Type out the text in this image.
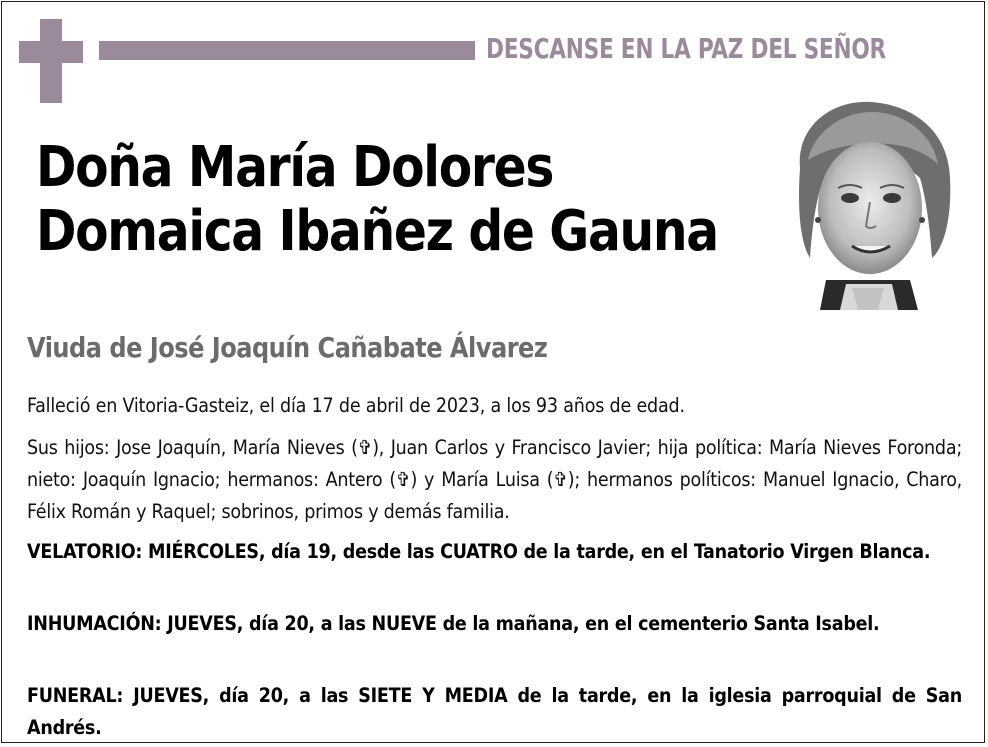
DESCANSE EN LA PAZ DEL SEÑOR
Doña María Dolores
Domaica Ibañez de Gauna
Viuda de José Joaquín Cañabate Álvarez
Falleció en Vitoria-Gasteiz, el día 17 de abril de 2023, a los 93 años de edad.
Sus hijos: Jose Joaquín, María Nieves (✞), Juan Carlos y Francisco Javier; hija política: María Nieves Foronda; nieto: Joaquín Ignacio; hermanos: Antero (✞) y María Luisa (✞); hermanos políticos: Manuel Ignacio, Charo, Félix Román y Raquel; sobrinos, primos y demás familia.
VELATORIO: MIÉRCOLES, día 19, desde las CUATRO de la tarde, en el Tanatorio Virgen Blanca.
INHUMACIÓN: JUEVES, día 20, a las NUEVE de la mañana, en el cementerio Santa Isabel.
FUNERAL: JUEVES, día 20, a las SIETE Y MEDIA de la tarde, en la iglesia parroquial de San Andrés.
